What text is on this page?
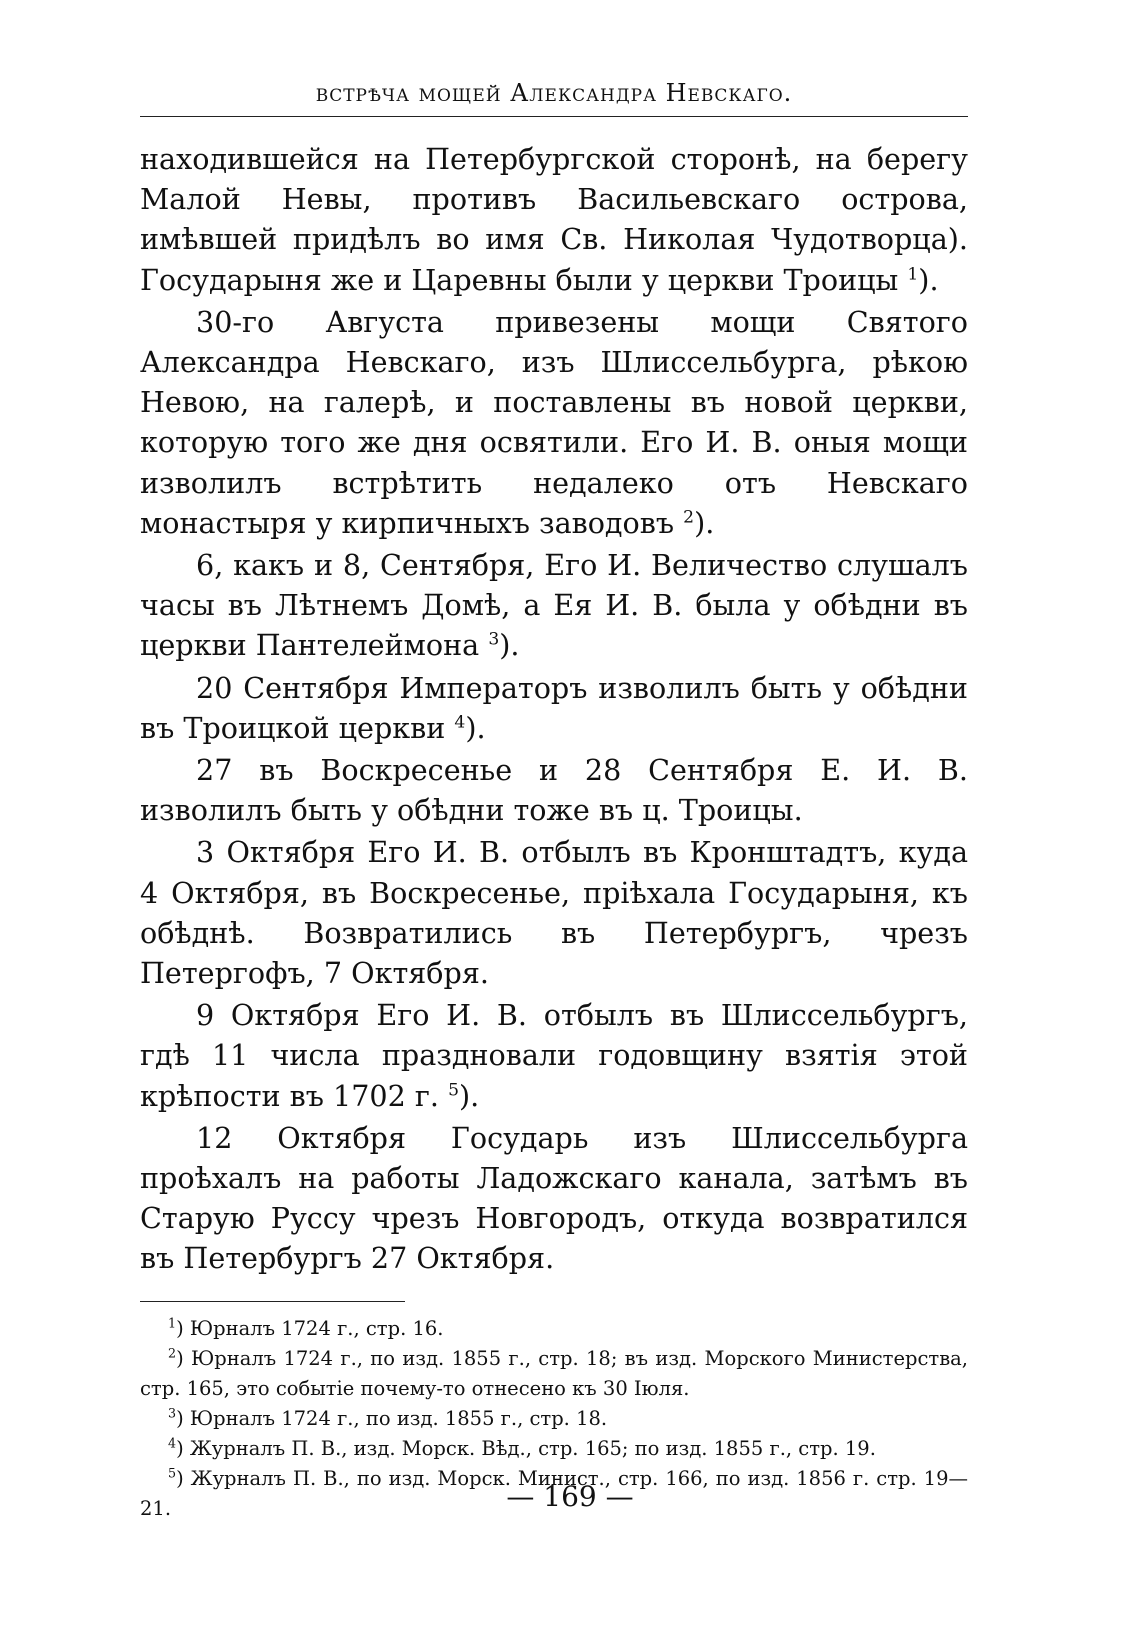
встрѣча мощей Александра Невскаго.

находившейся на Петербургской сторонѣ, на берегу Малой Невы, противъ Васильевскаго острова, имѣвшей придѣлъ во имя Св. Николая Чудотворца). Государыня же и Царевны были у церкви Троицы $^1$).

30-го Августа привезены мощи Святого Александра Невскаго, изъ Шлиссельбурга, рѣкою Невою, на галерѣ, и поставлены въ новой церкви, которую того же дня освятили. Его И. В. оныя мощи изволилъ встрѣтить недалеко отъ Невскаго монастыря у кирпичныхъ заводовъ $^2$).

6, какъ и 8, Сентября, Его И. Величество слушалъ часы въ Лѣтнемъ Домѣ, а Ея И. В. была у обѣдни въ церкви Пантелеймона $^3$).

20 Сентября Императоръ изволилъ быть у обѣдни въ Троицкой церкви $^4$).

27 въ Воскресенье и 28 Сентября Е. И. В. изволилъ быть у обѣдни тоже въ ц. Троицы.

3 Октября Его И. В. отбылъ въ Кронштадтъ, куда 4 Октября, въ Воскресенье, пріѣхала Государыня, къ обѣднѣ. Возвратились въ Петербургъ, чрезъ Петергофъ, 7 Октября.

9 Октября Его И. В. отбылъ въ Шлиссельбургъ, гдѣ 11 числа праздновали годовщину взятія этой крѣпости въ 1702 г. $^5$).

12 Октября Государь изъ Шлиссельбурга проѣхалъ на работы Ладожскаго канала, затѣмъ въ Старую Руссу чрезъ Новгородъ, откуда возвратился въ Петербургъ 27 Октября.

$^1$) Юрналъ 1724 г., стр. 16.

$^2$) Юрналъ 1724 г., по изд. 1855 г., стр. 18; въ изд. Морского Министерства, стр. 165, это событіе почему-то отнесено къ 30 Іюля.

$^3$) Юрналъ 1724 г., по изд. 1855 г., стр. 18.

$^4$) Журналъ П. В., изд. Морск. Вѣд., стр. 165; по изд. 1855 г., стр. 19.

$^5$) Журналъ П. В., по изд. Морск. Минист., стр. 166, по изд. 1856 г. стр. 19—21.	— 169 —
